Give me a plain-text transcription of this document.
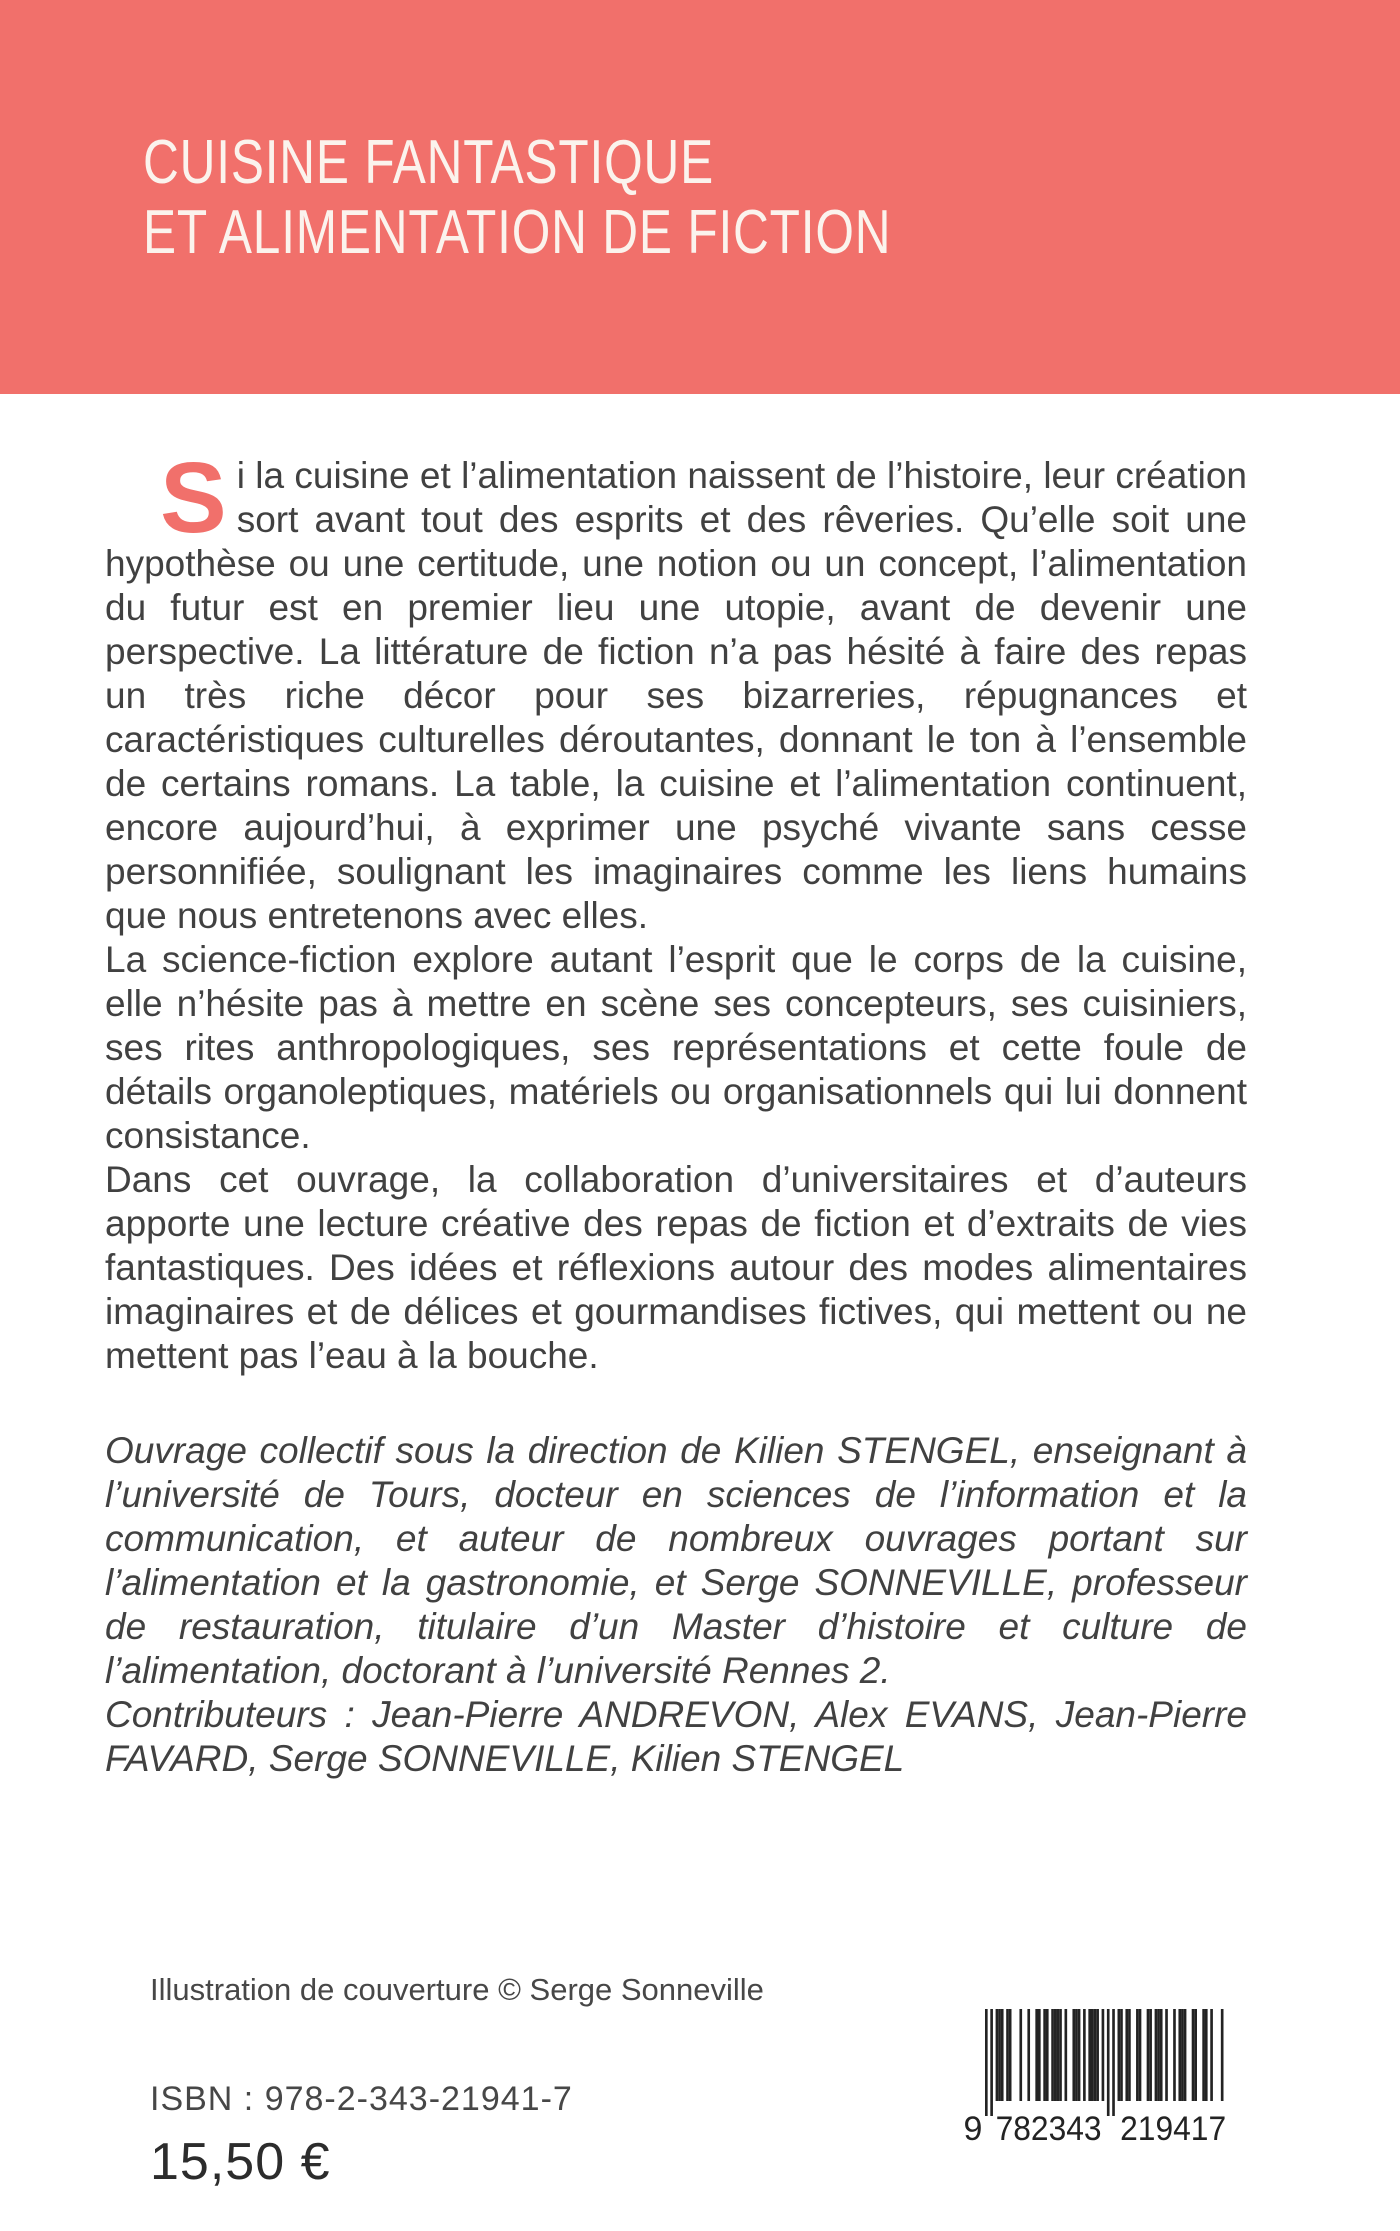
CUISINE FANTASTIQUE
ET ALIMENTATION DE FICTION

Si la cuisine et l’alimentation naissent de l’histoire, leur création sort avant tout des esprits et des rêveries. Qu’elle soit une hypothèse ou une certitude, une notion ou un concept, l’alimentation du futur est en premier lieu une utopie, avant de devenir une perspective. La littérature de fiction n’a pas hésité à faire des repas un très riche décor pour ses bizarreries, répugnances et caractéristiques culturelles déroutantes, donnant le ton à l’ensemble de certains romans. La table, la cuisine et l’alimentation continuent, encore aujourd’hui, à exprimer une psyché vivante sans cesse personnifiée, soulignant les imaginaires comme les liens humains que nous entretenons avec elles.

La science-fiction explore autant l’esprit que le corps de la cuisine, elle n’hésite pas à mettre en scène ses concepteurs, ses cuisiniers, ses rites anthropologiques, ses représentations et cette foule de détails organoleptiques, matériels ou organisationnels qui lui donnent consistance.

Dans cet ouvrage, la collaboration d’universitaires et d’auteurs apporte une lecture créative des repas de fiction et d’extraits de vies fantastiques. Des idées et réflexions autour des modes alimentaires imaginaires et de délices et gourmandises fictives, qui mettent ou ne mettent pas l’eau à la bouche.

Ouvrage collectif sous la direction de Kilien STENGEL, enseignant à l’université de Tours, docteur en sciences de l’information et la communication, et auteur de nombreux ouvrages portant sur l’alimentation et la gastronomie, et Serge SONNEVILLE, professeur de restauration, titulaire d’un Master d’histoire et culture de l’alimentation, doctorant à l’université Rennes 2.

Contributeurs : Jean-Pierre ANDREVON, Alex EVANS, Jean-Pierre FAVARD, Serge SONNEVILLE, Kilien STENGEL

Illustration de couverture © Serge Sonneville
ISBN : 978-2-343-21941-7
15,50 €
9 782343 219417
